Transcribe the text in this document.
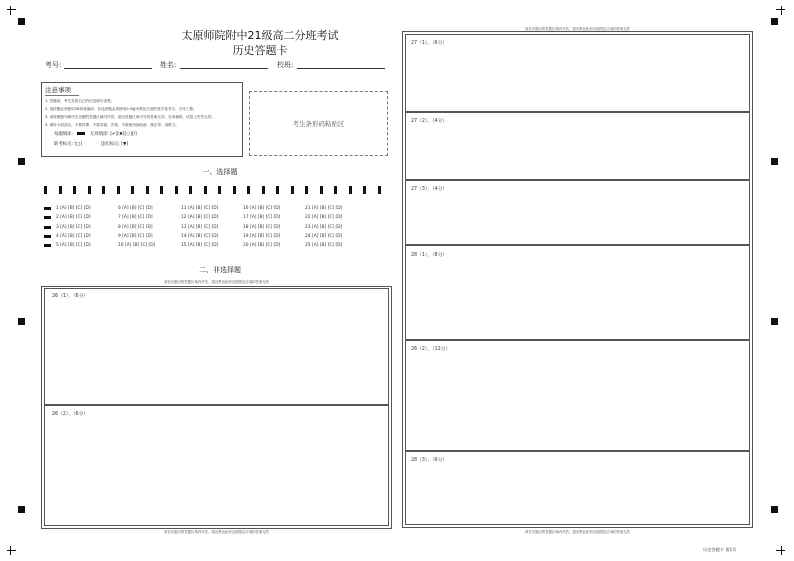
太原师院附中21级高二分班考试
历史答题卡
考号:	姓名:	校班:
注意事项
1. 答题前，考生先将自己的信息填写清楚。
2. 选择题必须使用2B铅笔填涂；非选择题必须使用0.5毫米黑色字迹的签字笔书写，字体工整。
3. 请按照题号顺序在各题的答题区域内作答，超出答题区域书写的答案无效；在草稿纸、试卷上作答无效。
4. 保持卡面清洁，不要折叠、不要弄破、弄皱，不准使用涂改液、修正带、刮纸刀。
每题填涂:	无效填涂: [✔][✖][○][/]
缺考标记: [□]	违纪标记: [▼]
考生条形码粘贴区
一、选择题
1 [A] [B] [C] [D]	6 [A] [B] [C] [D]	11 [A] [B] [C] [D]	16 [A] [B] [C] [D]	21 [A] [B] [C] [D]
2 [A] [B] [C] [D]	7 [A] [B] [C] [D]	12 [A] [B] [C] [D]	17 [A] [B] [C] [D]	22 [A] [B] [C] [D]
3 [A] [B] [C] [D]	8 [A] [B] [C] [D]	13 [A] [B] [C] [D]	18 [A] [B] [C] [D]	23 [A] [B] [C] [D]
4 [A] [B] [C] [D]	9 [A] [B] [C] [D]	14 [A] [B] [C] [D]	19 [A] [B] [C] [D]	24 [A] [B] [C] [D]
5 [A] [B] [C] [D]	10 [A] [B] [C] [D]	15 [A] [B] [C] [D]	20 [A] [B] [C] [D]	25 [A] [B] [C] [D]
二、非选择题
请在各题目的答题区域内作答，超出黑色矩形边框限定区域的答案无效
26（1），（6分）
26（2），（6分）
请在各题目的答题区域内作答，超出黑色矩形边框限定区域的答案无效
请在各题目的答题区域内作答，超出黑色矩形边框限定区域的答案无效
27（1），（6分）
27（2），（4分）
27（3），（4分）
28（1），（8分）
26（2），（12分）
28（3），（6分）
请在各题目的答题区域内作答，超出黑色矩形边框限定区域的答案无效
历史答题卡 第1页
